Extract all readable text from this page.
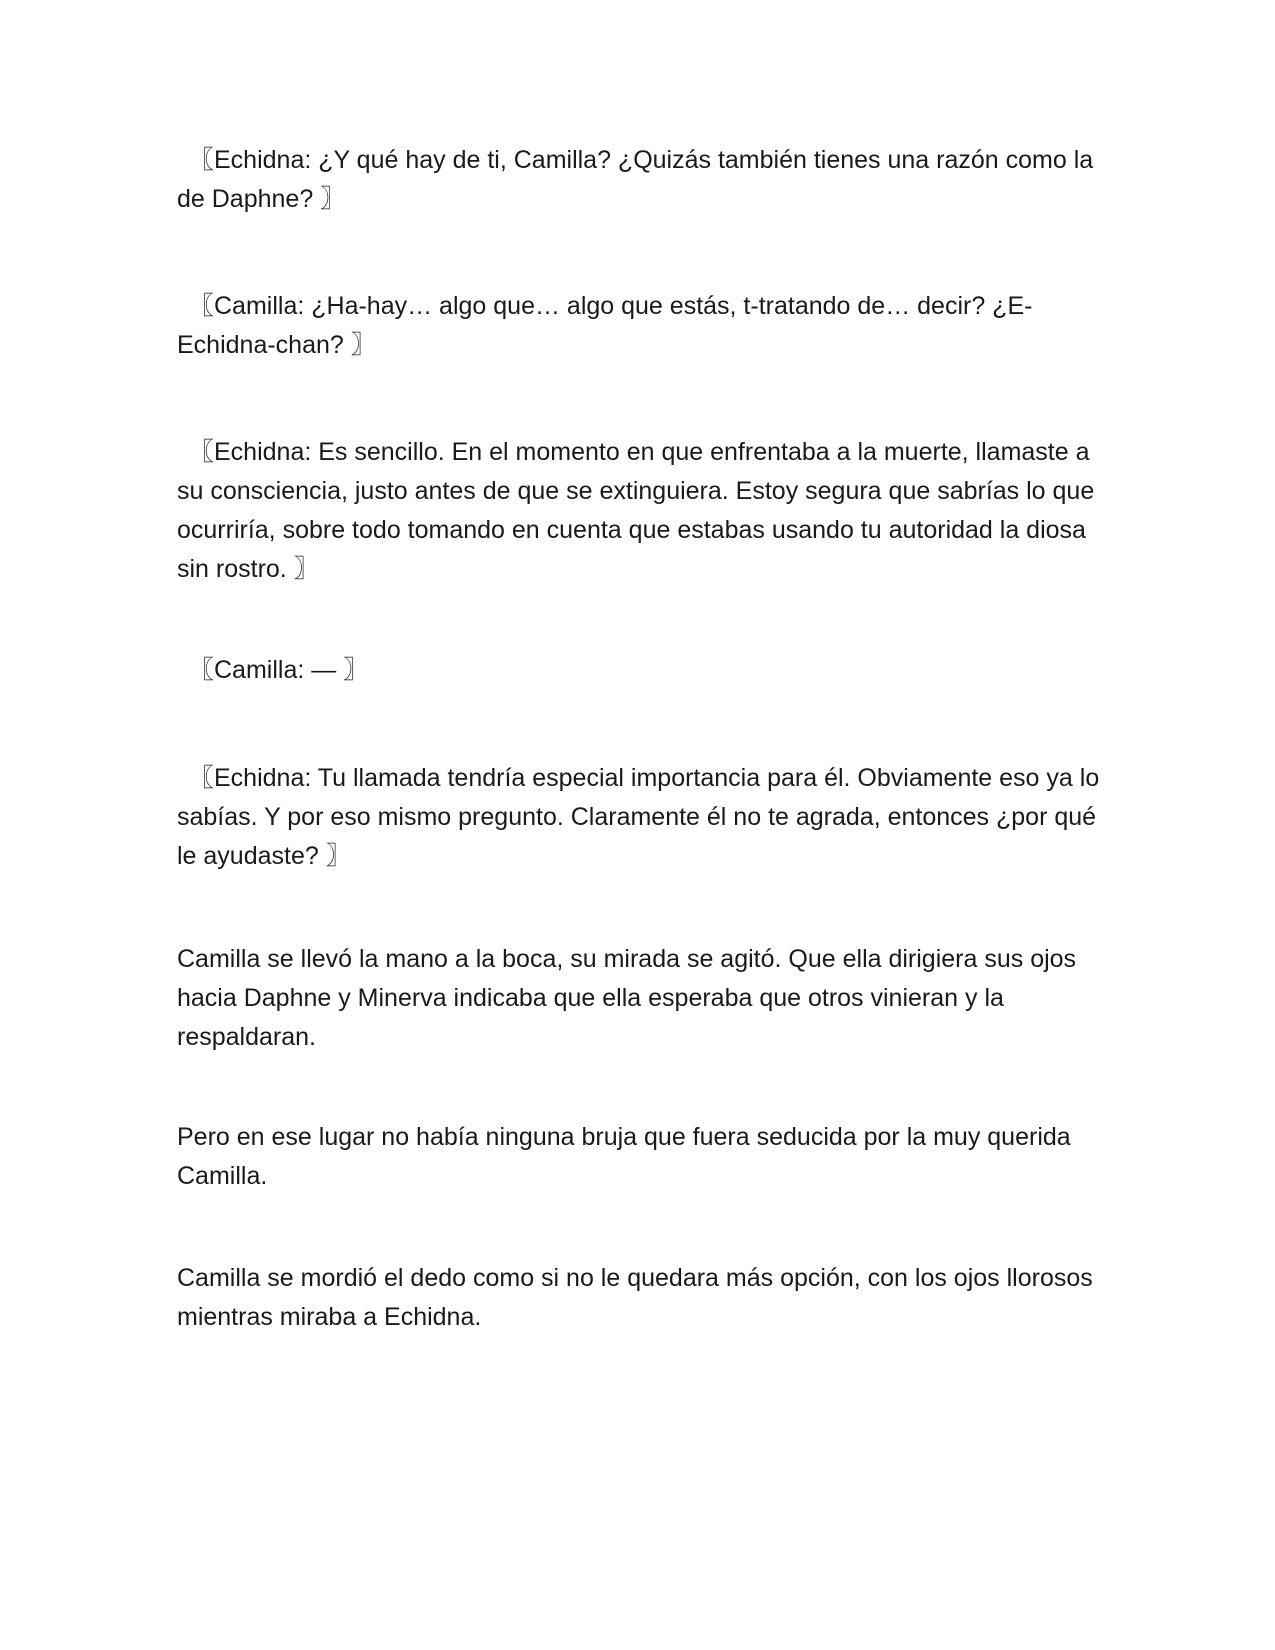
〖Echidna: ¿Y qué hay de ti, Camilla? ¿Quizás también tienes una razón como la de Daphne? 〗

〖Camilla: ¿Ha-hay… algo que… algo que estás, t-tratando de… decir? ¿E-Echidna-chan? 〗

〖Echidna: Es sencillo. En el momento en que enfrentaba a la muerte, llamaste a su consciencia, justo antes de que se extinguiera. Estoy segura que sabrías lo que ocurriría, sobre todo tomando en cuenta que estabas usando tu autoridad la diosa sin rostro. 〗

〖Camilla: — 〗

〖Echidna: Tu llamada tendría especial importancia para él. Obviamente eso ya lo sabías. Y por eso mismo pregunto. Claramente él no te agrada, entonces ¿por qué le ayudaste? 〗

Camilla se llevó la mano a la boca, su mirada se agitó. Que ella dirigiera sus ojos hacia Daphne y Minerva indicaba que ella esperaba que otros vinieran y la respaldaran.

Pero en ese lugar no había ninguna bruja que fuera seducida por la muy querida Camilla.

Camilla se mordió el dedo como si no le quedara más opción, con los ojos llorosos mientras miraba a Echidna.
